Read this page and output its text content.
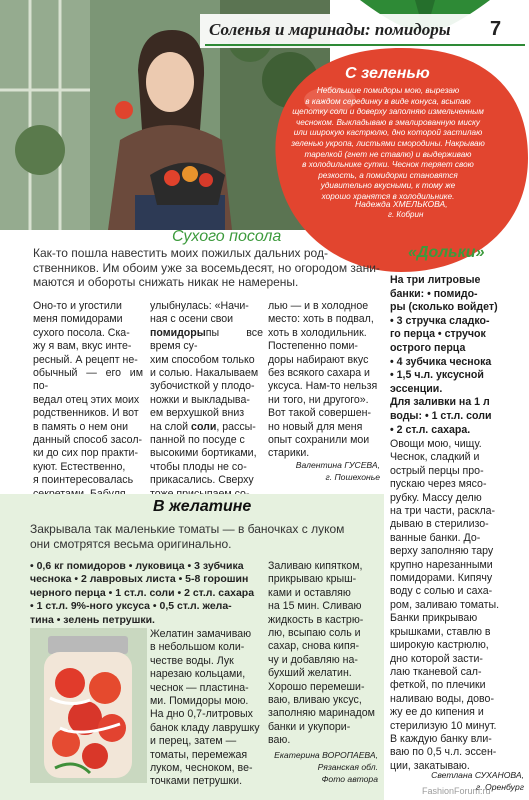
Соленья и маринады: помидоры 7
С зеленью
Небольшие помидоры мою, вырезаю
в каждом серединку в виде конуса, всыпаю
щепотку соли и доверху заполняю измельченным
чесноком. Выкладываю в эмалированную миску
или широкую кастрюлю, дно которой застилаю
зеленью укропа, листьями смородины. Накрываю
тарелкой (гнет не ставлю) и выдерживаю
в холодильнике сутки. Чеснок теряет свою
резкость, а помидорки становятся
удивительно вкусными, к тому же
хорошо хранятся в холодильнике.
Надежда ХМЕЛЬКОВА,
г. Кобрин
Сухого посола
Как-то пошла навестить моих пожилых дальних род-
ственников. Им обоим уже за восемьдесят, но огородом зани-
маются и обороты снижать никак не намерены.
Оно-то и угостили
меня помидорами
сухого посола. Ска-
жу я вам, вкус инте-
ресный. А рецепт не-
обычный — его им по-
ведал отец этих моих
родственников. И вот
в память о нем они
данный способ засол-
ки до сих пор практи-
куют. Естественно,
я поинтересовалась
улыбнулась: «Начи-
ная с осени свои
помидорыпы все время су-
хим способом только
и солью. Накалываем
зубочисткой у плодо-
ножки и выкладыва-
ем верхушкой вниз
на слой соли, рассы-
панной по посуде с
высокими бортиками,
чтобы плоды не со-
прикасались. Сверху
лью — и в холодное
место: хоть в подвал,
хоть в холодильник.
Постепенно поми-
доры набирают вкус
без всякого сахара и
уксуса. Нам-то нельзя
ни того, ни другого».
Вот такой совершен-
но новый для меня
опыт сохранили мои
старики.
Валентина ГУСЕВА,
г. Пошехонье
«Дольки»
На три литровые
банки: • помидо-
ры (сколько войдет)
• 3 стручка сладко-
го перца • стручок
острого перца
• 4 зубчика чеснока
• 1,5 ч.л. уксусной
эссенции.
Для заливки на 1 л
воды: • 1 ст.л. соли
• 2 ст.л. сахара.
Овощи мою, чищу.
Чеснок, сладкий и
острый перцы про-
пускаю через мясо-
рубку. Массу делю
на три части, раскла-
дываю в стерилизо-
ванные банки. До-
верху заполняю тару
крупно нарезанными
помидорами. Кипячу
воду с солью и саха-
ром, заливаю томаты.
Банки прикрываю
крышками, ставлю в
широкую кастрюлю,
дно которой засти-
лаю тканевой сал-
феткой, по плечики
наливаю воды, дово-
жу ее до кипения и
стерилизую 10 минут.
В каждую банку вли-
ваю по 0,5 ч.л. эссен-
ции, закатываю.
Светлана СУХАНОВА,
г. Оренбург
В желатине
Закрывала так маленькие томаты — в баночках с луком
они смотрятся весьма оригинально.
• 0,6 кг помидоров • луковица • 3 зубчика
чеснока • 2 лавровых листа • 5-8 горошин
черного перца • 1 ст.л. соли • 2 ст.л. сахара
• 1 ст.л. 9%-ного уксуса • 0,5 ст.л. жела-
тина • зелень петрушки.
Желатин замачиваю
в небольшом коли-
честве воды. Лук
нарезаю кольцами,
чеснок — пластина-
ми. Помидоры мою.
На дно 0,7-литровых
банок кладу лаврушку
и перец, затем —
томаты, перемежая
луком, чесноком, ве-
точками петрушки.
Заливаю кипятком,
прикрываю крыш-
ками и оставляю
на 15 мин. Сливаю
жидкость в кастрю-
лю, всыпаю соль и
сахар, снова кипя-
чу и добавляю на-
бухший желатин.
Хорошо перемеши-
ваю, вливаю уксус,
заполняю маринадом
банки и укупори-
ваю.
Екатерина ВОРОПАЕВА,
Рязанская обл.
Фото автора
FashionForum.ru
